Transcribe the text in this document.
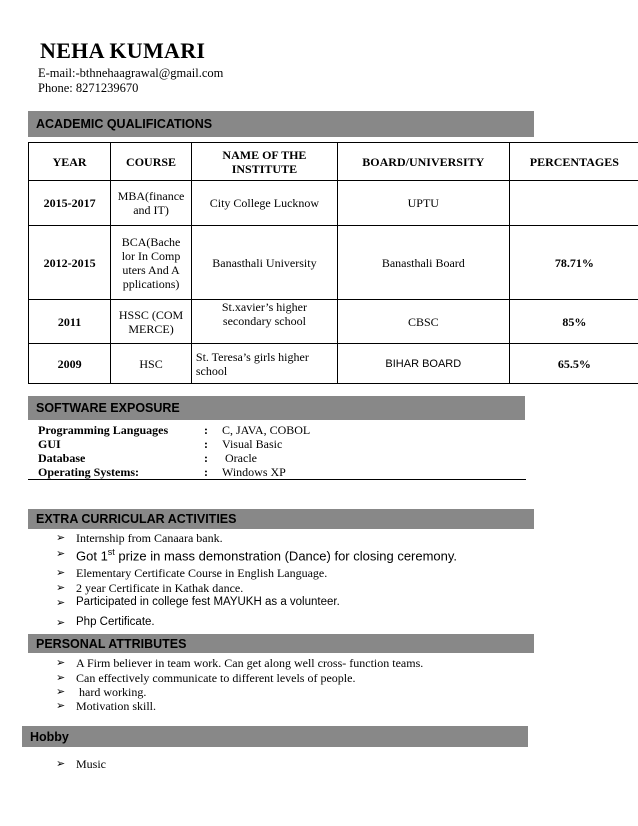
NEHA KUMARI
E-mail:-bthnehaagrawal@gmail.com
Phone: 8271239670
ACADEMIC QUALIFICATIONS
YEAR	COURSE	NAME OF THE INSTITUTE	BOARD/UNIVERSITY	PERCENTAGES
2015-2017	MBA(finance and IT)	City College Lucknow	UPTU	
2012-2015	BCA(Bachelor In Computers And Applications)	Banasthali University	Banasthali Board	78.71%
2011	HSSC (COMMERCE)	St.xavier’s higher secondary school	CBSC	85%
2009	HSC	St. Teresa’s girls higher school	BIHAR BOARD	65.5%
SOFTWARE EXPOSURE
Programming Languages	:	C, JAVA, COBOL
GUI	:	Visual Basic
Database	:	Oracle
Operating Systems:	:	Windows XP
EXTRA CURRICULAR ACTIVITIES
➢ Internship from Canaara bank.
➢ Got 1st prize in mass demonstration (Dance) for closing ceremony.
➢ Elementary Certificate Course in English Language.
➢ 2 year Certificate in Kathak dance.
➢ Participated in college fest MAYUKH as a volunteer.
➢ Php Certificate.
PERSONAL ATTRIBUTES
➢ A Firm believer in team work. Can get along well cross- function teams.
➢ Can effectively communicate to different levels of people.
➢ hard working.
➢ Motivation skill.
Hobby
➢ Music
